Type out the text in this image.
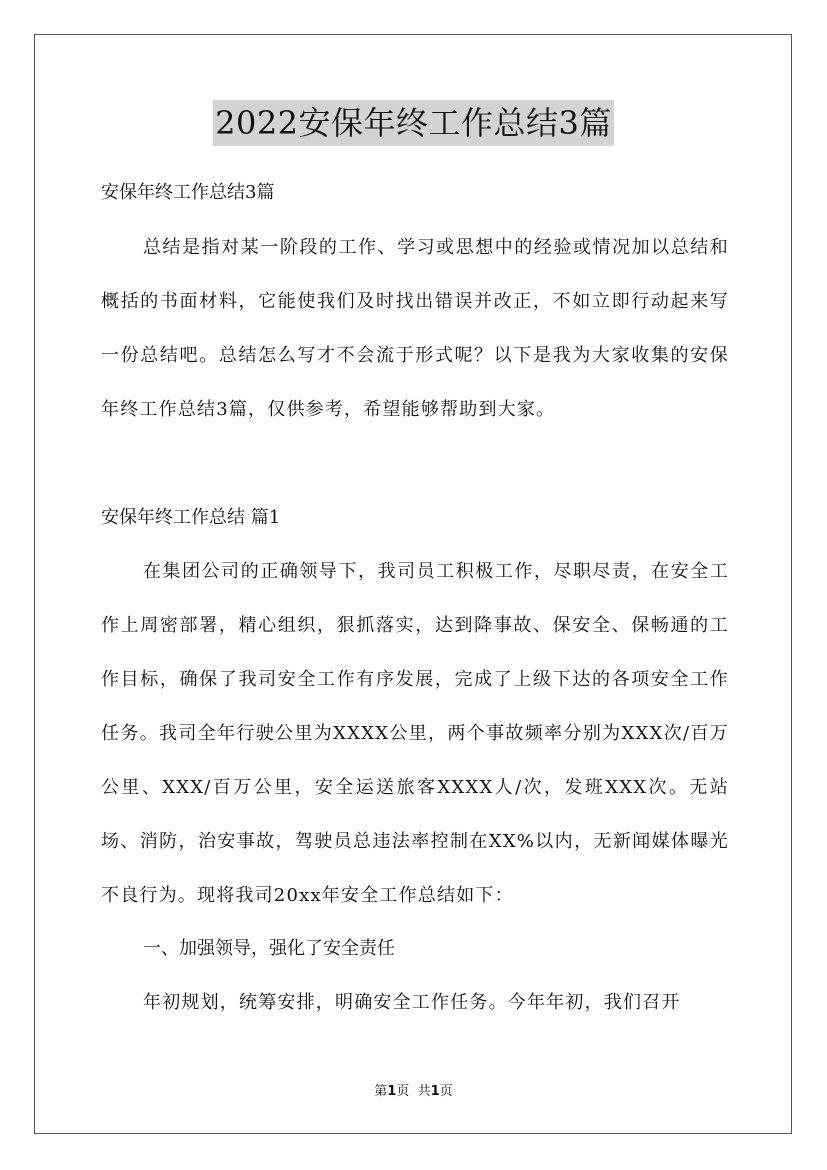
2022安保年终工作总结3篇
安保年终工作总结3篇

总结是指对某一阶段的工作、学习或思想中的经验或情况加以总结和概括的书面材料，它能使我们及时找出错误并改正，不如立即行动起来写一份总结吧。总结怎么写才不会流于形式呢？以下是我为大家收集的安保年终工作总结3篇，仅供参考，希望能够帮助到大家。

安保年终工作总结 篇1

在集团公司的正确领导下，我司员工积极工作，尽职尽责，在安全工作上周密部署，精心组织，狠抓落实，达到降事故、保安全、保畅通的工作目标，确保了我司安全工作有序发展，完成了上级下达的各项安全工作任务。我司全年行驶公里为XXXX公里，两个事故频率分别为XXX次/百万公里、XXX/百万公里，安全运送旅客XXXX人/次，发班XXX次。无站场、消防，治安事故，驾驶员总违法率控制在XX%以内，无新闻媒体曝光不良行为。现将我司20xx年安全工作总结如下：

一、加强领导，强化了安全责任

年初规划，统筹安排，明确安全工作任务。今年年初，我们召开

第1页 共1页
